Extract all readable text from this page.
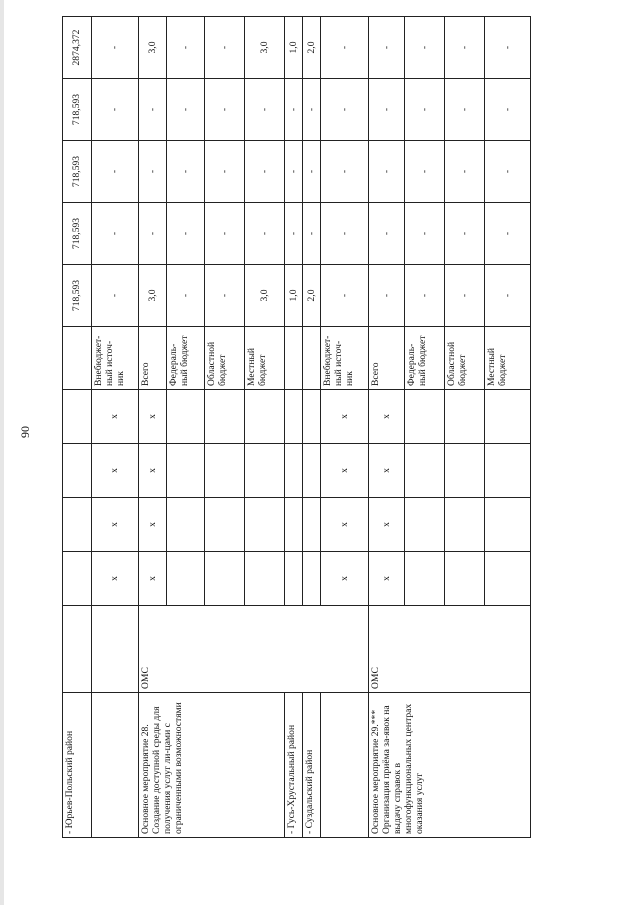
90
- Юрьев-Польский район							718,593	718,593	718,593	718,593	2874,372
		х	х	х	х	Внебюджет-ный источ-ник	-	-	-	-	-
Основное мероприятие 28. Создание доступной среды для получения услуг ли-цами с ограниченными возможностями	ОМС	х	х	х	х	Всего	3,0	-	-	-	3,0
						Федераль-ный бюджет	-	-	-	-	-
						Областной бюджет	-	-	-	-	-
						Местный бюджет	3,0	-	-	-	3,0
- Гусь-Хрустальный район							1,0	-	-	-	1,0
- Суздальский район							2,0	-	-	-	2,0
		х	х	х	х	Внебюджет-ный источ-ник	-	-	-	-	-
Основное мероприятие 29.*** Организация приёма за-явок на выдачу справок в многофункциональных центрах оказания услуг	ОМС	х	х	х	х	Всего	-	-	-	-	-
						Федераль-ный бюджет	-	-	-	-	-
						Областной бюджет	-	-	-	-	-
						Местный бюджет	-	-	-	-	-
